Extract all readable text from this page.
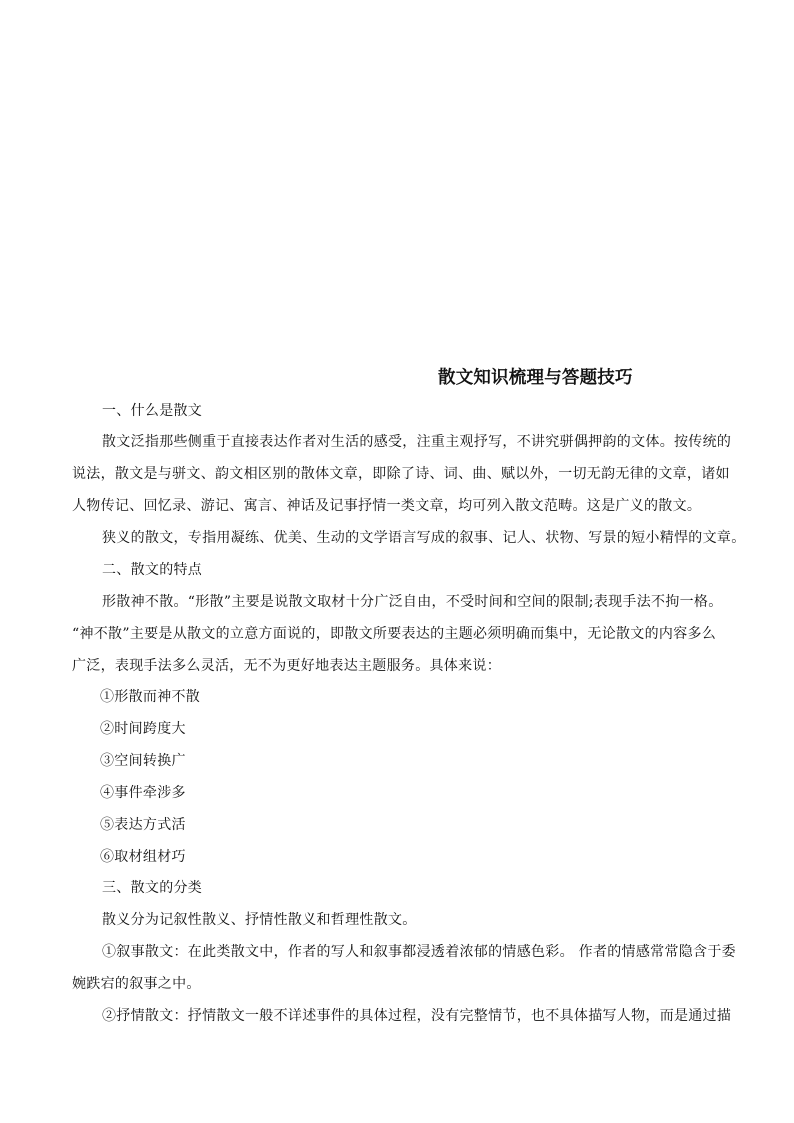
散文知识梳理与答题技巧
一、什么是散文
散文泛指那些侧重于直接表达作者对生活的感受，注重主观抒写，不讲究骈偶押韵的文体。按传统的
说法，散文是与骈文、韵文相区别的散体文章，即除了诗、词、曲、赋以外，一切无韵无律的文章，诸如
人物传记、回忆录、游记、寓言、神话及记事抒情一类文章，均可列入散文范畴。这是广义的散文。
狭义的散文，专指用凝练、优美、生动的文学语言写成的叙事、记人、状物、写景的短小精悍的文章。
二、散文的特点
形散神不散。“形散”主要是说散文取材十分广泛自由，不受时间和空间的限制;表现手法不拘一格。
“神不散”主要是从散文的立意方面说的，即散文所要表达的主题必须明确而集中，无论散文的内容多么
广泛，表现手法多么灵活，无不为更好地表达主题服务。具体来说：
①形散而神不散
②时间跨度大
③空间转换广
④事件牵涉多
⑤表达方式活
⑥取材组材巧
三、散文的分类
散义分为记叙性散义、抒情性散义和哲理性散文。
①叙事散文：在此类散文中，作者的写人和叙事都浸透着浓郁的情感色彩。 作者的情感常常隐含于委
婉跌宕的叙事之中。
②抒情散文：抒情散文一般不详述事件的具体过程，没有完整情节，也不具体描写人物，而是通过描
